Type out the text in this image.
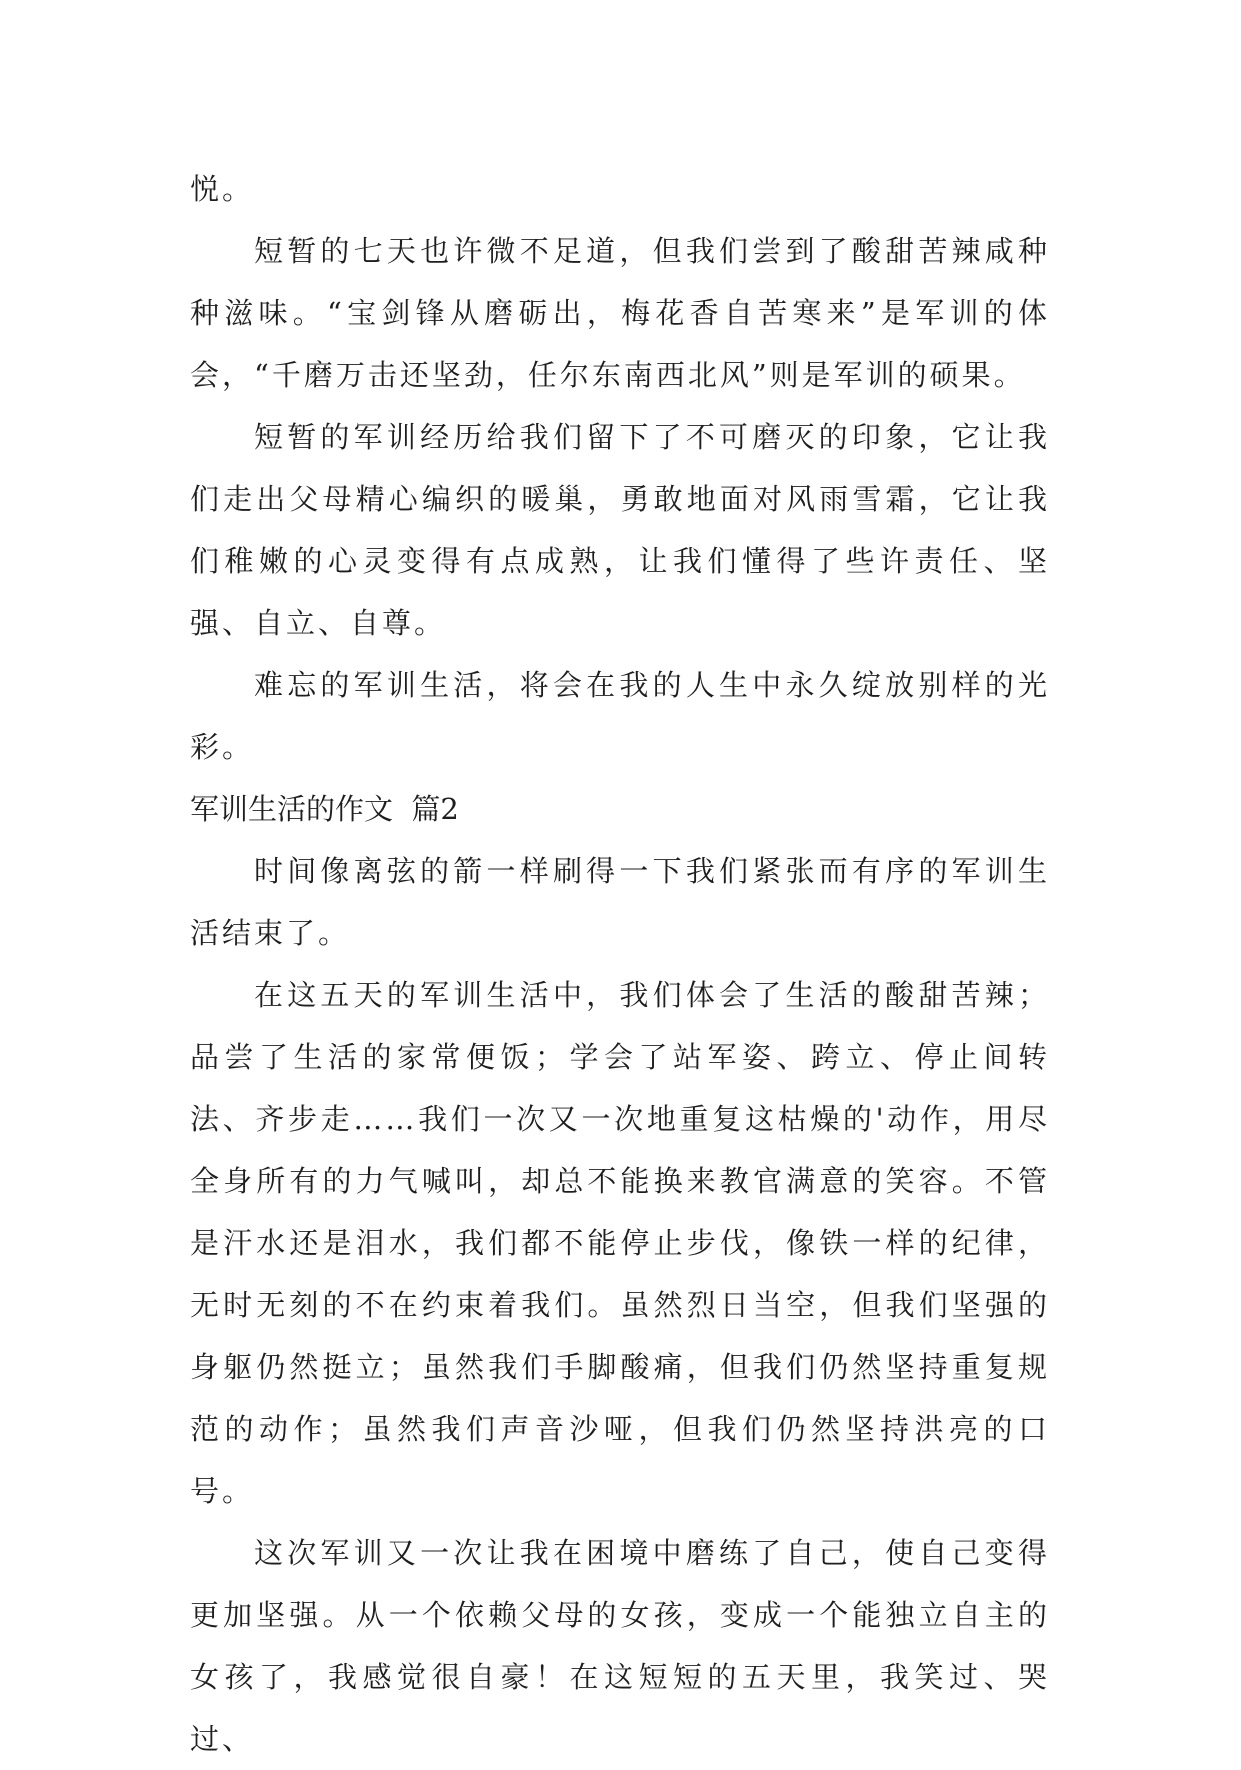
悦。

短暂的七天也许微不足道，但我们尝到了酸甜苦辣咸种种滋味。“宝剑锋从磨砺出，梅花香自苦寒来”是军训的体会，“千磨万击还坚劲，任尔东南西北风”则是军训的硕果。

短暂的军训经历给我们留下了不可磨灭的印象，它让我们走出父母精心编织的暖巢，勇敢地面对风雨雪霜，它让我们稚嫩的心灵变得有点成熟，让我们懂得了些许责任、坚强、自立、自尊。

难忘的军训生活，将会在我的人生中永久绽放别样的光彩。

军训生活的作文  篇2

时间像离弦的箭一样刷得一下我们紧张而有序的军训生活结束了。

在这五天的军训生活中，我们体会了生活的酸甜苦辣；品尝了生活的家常便饭；学会了站军姿、跨立、停止间转法、齐步走……我们一次又一次地重复这枯燥的'动作，用尽全身所有的力气喊叫，却总不能换来教官满意的笑容。不管是汗水还是泪水，我们都不能停止步伐，像铁一样的纪律，无时无刻的不在约束着我们。虽然烈日当空，但我们坚强的身躯仍然挺立；虽然我们手脚酸痛，但我们仍然坚持重复规范的动作；虽然我们声音沙哑，但我们仍然坚持洪亮的口号。

这次军训又一次让我在困境中磨练了自己，使自己变得更加坚强。从一个依赖父母的女孩，变成一个能独立自主的女孩了，我感觉很自豪！在这短短的五天里，我笑过、哭过、
